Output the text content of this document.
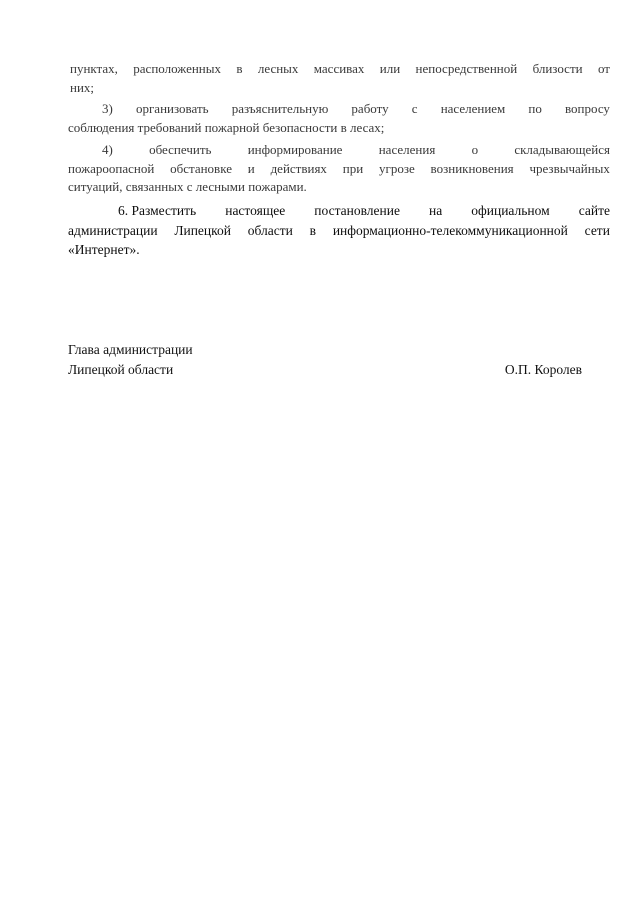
пунктах, расположенных в лесных массивах или непосредственной близости от
них;
3) организовать разъяснительную работу с населением по вопросу
соблюдения требований пожарной безопасности в лесах;
4)	обеспечить	информирование	населения	о	складывающейся
пожароопасной обстановке и действиях при угрозе возникновения чрезвычайных
ситуаций, связанных с лесными пожарами.
6. Разместить настоящее постановление на официальном сайте
администрации Липецкой области в информационно-телекоммуникационной сети
«Интернет».
Глава администрации
Липецкой области	О.П. Королев
